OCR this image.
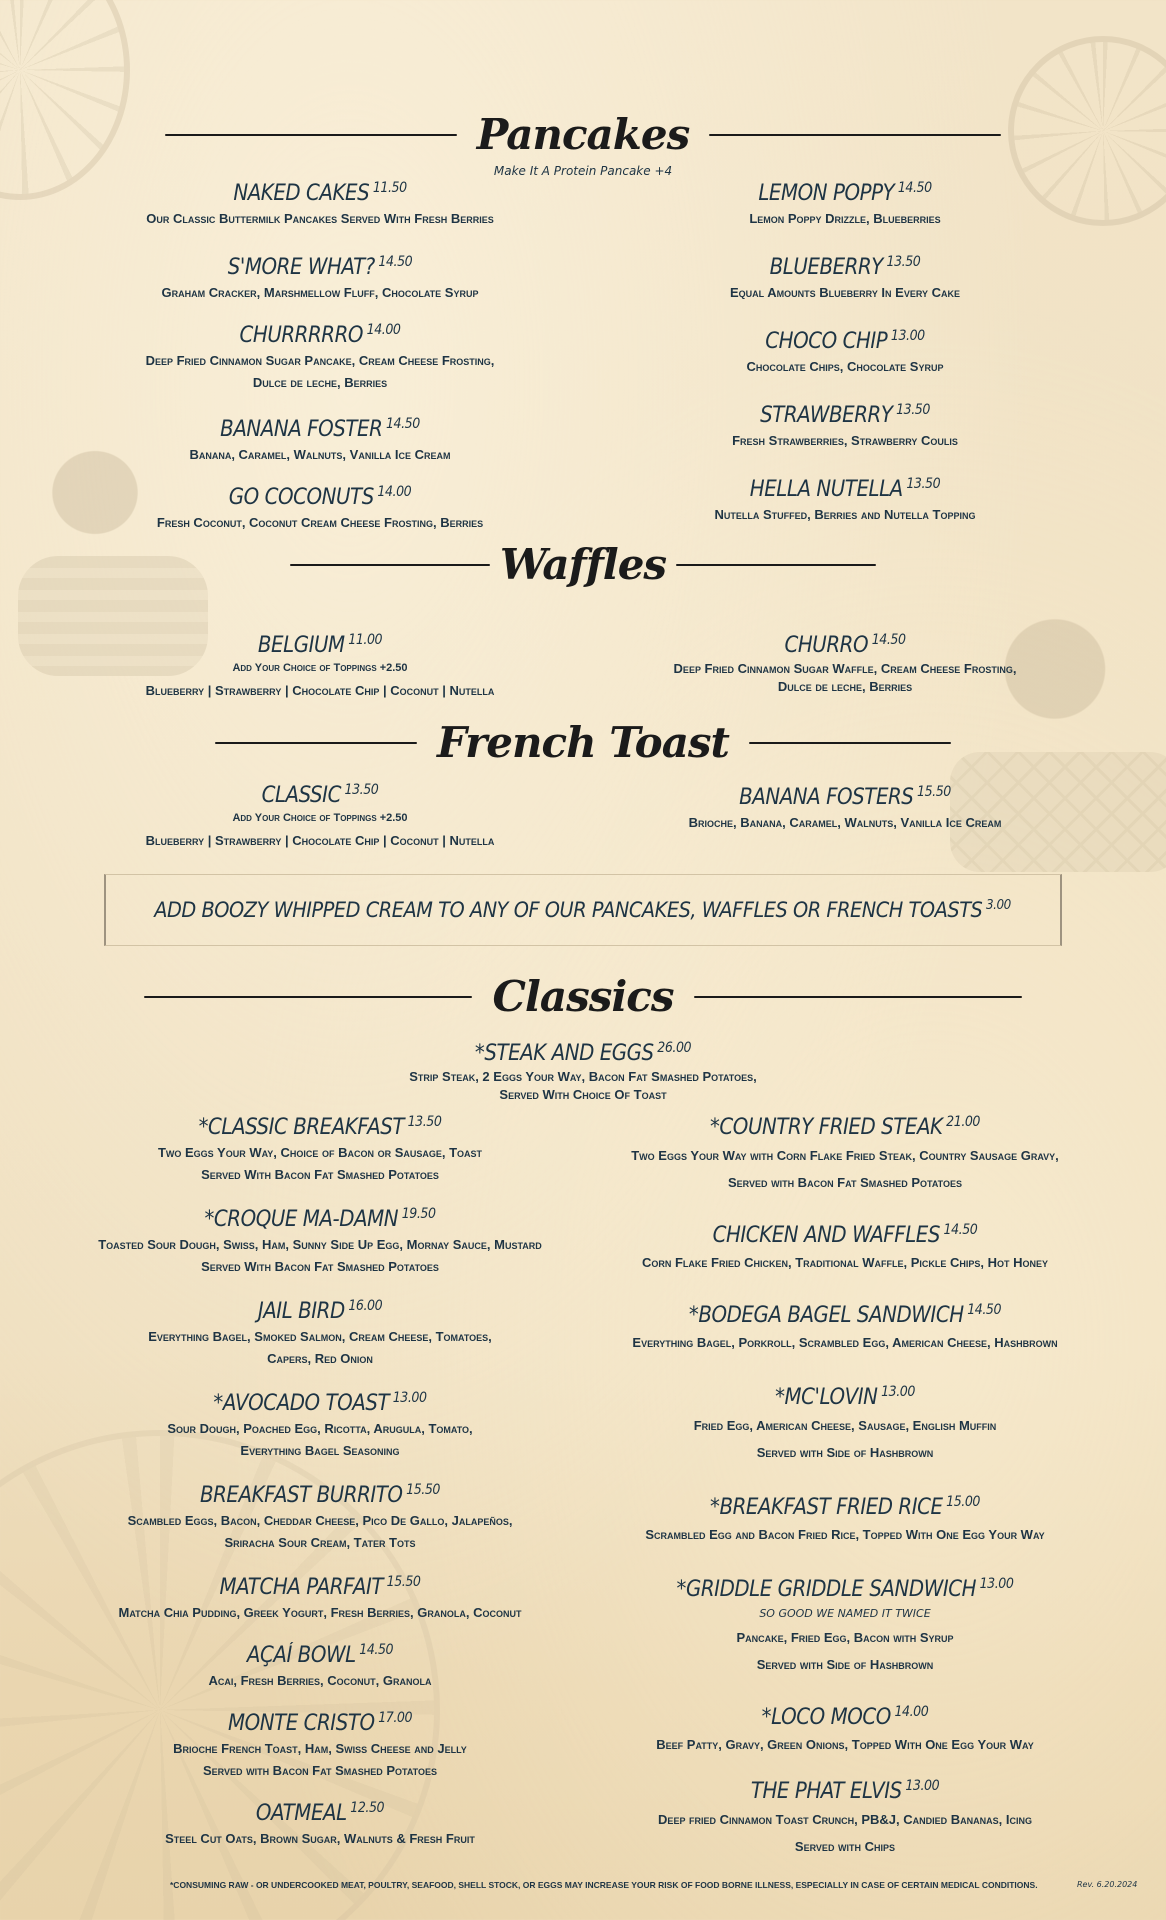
Pancakes
Make It A Protein Pancake +4
NAKED CAKES $^{11.50}$
Our Classic Buttermilk Pancakes Served With Fresh Berries
S'MORE WHAT? $^{14.50}$
Graham Cracker, Marshmellow Fluff, Chocolate Syrup
CHURRRRRO $^{14.00}$
Deep Fried Cinnamon Sugar Pancake, Cream Cheese Frosting,
Dulce de leche, Berries
BANANA FOSTER $^{14.50}$
Banana, Caramel, Walnuts, Vanilla Ice Cream
GO COCONUTS $^{14.00}$
Fresh Coconut, Coconut Cream Cheese Frosting, Berries
LEMON POPPY $^{14.50}$
Lemon Poppy Drizzle, Blueberries
BLUEBERRY $^{13.50}$
Equal Amounts Blueberry In Every Cake
CHOCO CHIP $^{13.00}$
Chocolate Chips, Chocolate Syrup
STRAWBERRY $^{13.50}$
Fresh Strawberries, Strawberry Coulis
HELLA NUTELLA $^{13.50}$
Nutella Stuffed, Berries and Nutella Topping
Waffles
BELGIUM $^{11.00}$
Add Your Choice of Toppings +2.50
Blueberry | Strawberry | Chocolate Chip | Coconut | Nutella
CHURRO $^{14.50}$
Deep Fried Cinnamon Sugar Waffle, Cream Cheese Frosting,
Dulce de leche, Berries
French Toast
CLASSIC $^{13.50}$
Add Your Choice of Toppings +2.50
Blueberry | Strawberry | Chocolate Chip | Coconut | Nutella
BANANA FOSTERS $^{15.50}$
Brioche, Banana, Caramel, Walnuts, Vanilla Ice Cream
ADD BOOZY WHIPPED CREAM TO ANY OF OUR PANCAKES, WAFFLES OR FRENCH TOASTS $^{3.00}$
Classics
*STEAK AND EGGS $^{26.00}$
Strip Steak, 2 Eggs Your Way, Bacon Fat Smashed Potatoes,
Served With Choice Of Toast
*CLASSIC BREAKFAST $^{13.50}$
Two Eggs Your Way, Choice of Bacon or Sausage, Toast
Served With Bacon Fat Smashed Potatoes
*CROQUE MA-DAMN $^{19.50}$
Toasted Sour Dough, Swiss, Ham, Sunny Side Up Egg, Mornay Sauce, Mustard
Served With Bacon Fat Smashed Potatoes
JAIL BIRD $^{16.00}$
Everything Bagel, Smoked Salmon, Cream Cheese, Tomatoes,
Capers, Red Onion
*AVOCADO TOAST $^{13.00}$
Sour Dough, Poached Egg, Ricotta, Arugula, Tomato,
Everything Bagel Seasoning
BREAKFAST BURRITO $^{15.50}$
Scambled Eggs, Bacon, Cheddar Cheese, Pico De Gallo, Jalapeños,
Sriracha Sour Cream, Tater Tots
MATCHA PARFAIT $^{15.50}$
Matcha Chia Pudding, Greek Yogurt, Fresh Berries, Granola, Coconut
AÇAÍ BOWL $^{14.50}$
Acai, Fresh Berries, Coconut, Granola
MONTE CRISTO $^{17.00}$
Brioche French Toast, Ham, Swiss Cheese and Jelly
Served with Bacon Fat Smashed Potatoes
OATMEAL $^{12.50}$
Steel Cut Oats, Brown Sugar, Walnuts & Fresh Fruit
*COUNTRY FRIED STEAK $^{21.00}$
Two Eggs Your Way with Corn Flake Fried Steak, Country Sausage Gravy,
Served with Bacon Fat Smashed Potatoes
CHICKEN AND WAFFLES $^{14.50}$
Corn Flake Fried Chicken, Traditional Waffle, Pickle Chips, Hot Honey
*BODEGA BAGEL SANDWICH $^{14.50}$
Everything Bagel, Porkroll, Scrambled Egg, American Cheese, Hashbrown
*MC'LOVIN $^{13.00}$
Fried Egg, American Cheese, Sausage, English Muffin
Served with Side of Hashbrown
*BREAKFAST FRIED RICE $^{15.00}$
Scrambled Egg and Bacon Fried Rice, Topped With One Egg Your Way
*GRIDDLE GRIDDLE SANDWICH $^{13.00}$
SO GOOD WE NAMED IT TWICE
Pancake, Fried Egg, Bacon with Syrup
Served with Side of Hashbrown
*LOCO MOCO $^{14.00}$
Beef Patty, Gravy, Green Onions, Topped With One Egg Your Way
THE PHAT ELVIS $^{13.00}$
Deep fried Cinnamon Toast Crunch, PB&J, Candied Bananas, Icing
Served with Chips
*CONSUMING RAW - OR UNDERCOOKED MEAT, POULTRY, SEAFOOD, SHELL STOCK, OR EGGS MAY INCREASE YOUR RISK OF FOOD BORNE ILLNESS, ESPECIALLY IN CASE OF CERTAIN MEDICAL CONDITIONS.	Rev. 6.20.2024
